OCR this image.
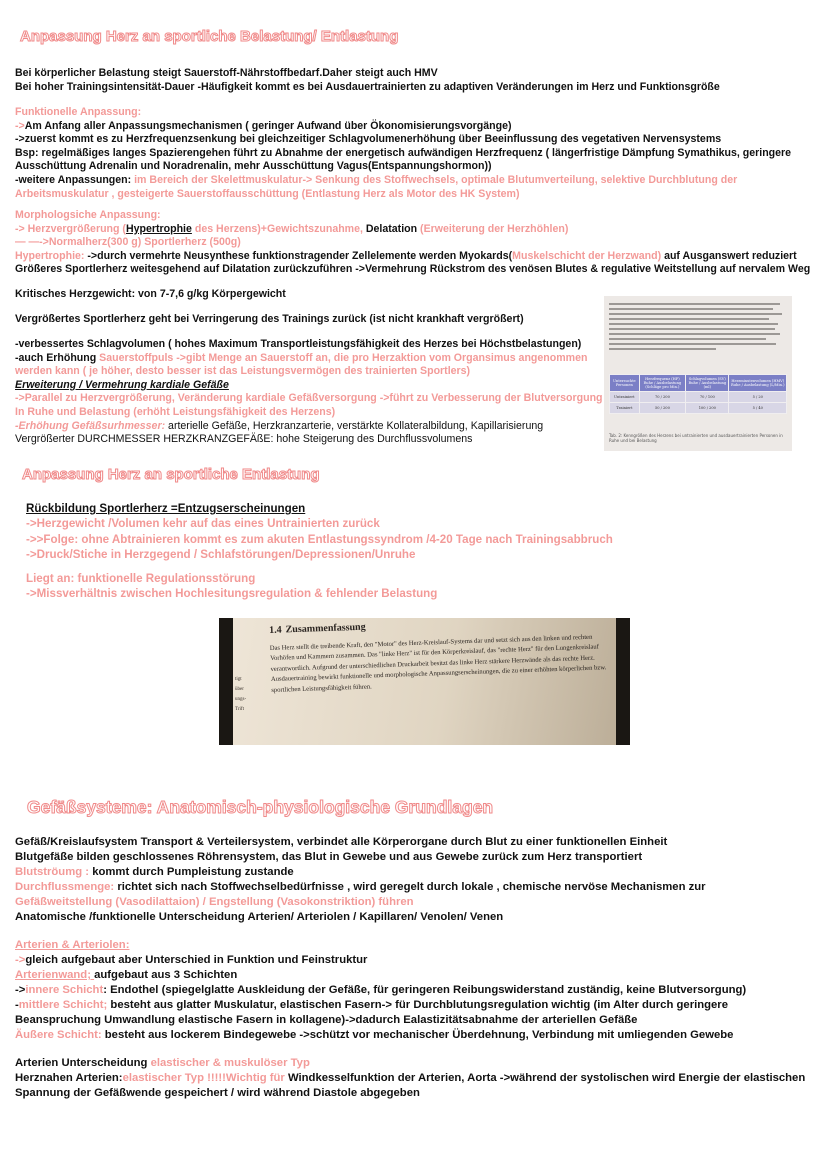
Anpassung Herz an sportliche Belastung/ Entlastung
Bei körperlicher Belastung steigt Sauerstoff-Nährstoffbedarf.Daher steigt auch HMV
Bei hoher Trainingsintensität-Dauer -Häufigkeit kommt es bei Ausdauertrainierten zu adaptiven Veränderungen im Herz und Funktionsgröße
Funktionelle Anpassung:
->Am Anfang aller Anpassungsmechanismen ( geringer Aufwand über Ökonomisierungsvorgänge)
->zuerst kommt es zu Herzfrequenzsenkung bei gleichzeitiger Schlagvolumenerhöhung über Beeinflussung des vegetativen Nervensystems
Bsp: regelmäßiges langes Spazierengehen führt zu Abnahme der energetisch aufwändigen Herzfrequenz ( längerfristige Dämpfung Symathikus, geringere Ausschüttung Adrenalin und Noradrenalin, mehr Ausschüttung Vagus(Entspannungshormon))
-weitere Anpassungen: im Bereich der Skelettmuskulatur-> Senkung des Stoffwechsels, optimale Blutumverteilung, selektive Durchblutung der Arbeitsmuskulatur , gesteigerte Sauerstoffausschüttung (Entlastung Herz als Motor des HK System)
Morphologsiche Anpassung:
-> Herzvergrößerung (Hypertrophie des Herzens)+Gewichtszunahme, Delatation (Erweiterung der Herzhöhlen)
— —->Normalherz(300 g) Sportlerherz (500g)
Hypertrophie: ->durch vermehrte Neusynthese funktionstragender Zellelemente werden Myokards(Muskelschicht der Herzwand) auf Ausganswert reduziert
Größeres Sportlerherz weitesgehend auf Dilatation zurückzuführen ->Vermehrung Rückstrom des venösen Blutes & regulative Weitstellung auf nervalem Weg
Kritisches Herzgewicht: von 7-7,6 g/kg Körpergewicht
Vergrößertes Sportlerherz geht bei Verringerung des Trainings zurück (ist nicht krankhaft vergrößert)
-verbessertes Schlagvolumen ( hohes Maximum Transportleistungsfähigkeit des Herzes bei Höchstbelastungen)
-auch Erhöhung Sauerstoffpuls ->gibt Menge an Sauerstoff an, die pro Herzaktion vom Organsimus angenommen werden kann ( je höher, desto besser ist das Leistungsvermögen des trainierten Sportlers)
Erweiterung / Vermehrung kardiale Gefäße
->Parallel zu Herzvergrößerung, Veränderung kardiale Gefäßversorgung ->führt zu Verbesserung der Blutversorgung In Ruhe und Belastung (erhöht Leistungsfähigkeit des Herzens)
-Erhöhung Gefäßsurhmesser: arterielle Gefäße, Herzkranzarterie, verstärkte Kollateralbildung, Kapillarisierung
Vergrößerter DURCHMESSER HERZKRANZGEFÄßE: hohe Steigerung des Durchflussvolumens
Untersuchte Personen	Herzfrequenz (HF) Ruhe / Ausbelastung (Schläge pro Min.)	Schlagvolumen (SV) Ruhe / Ausbelastung (ml)	Herzminutenvolumen (HMV) Ruhe / Ausbelastung (L/Min.)
Untrainiert	70 / 200	70 / 100	5 / 20
Trainiert	50 / 200	100 / 200	5 / 40
Tab. 2: Kenngrößen des Herzens bei untrainierten und ausdauertrainierten Personen in Ruhe und bei Belastung
Anpassung Herz an sportliche Entlastung
Rückbildung Sportlerherz =Entzugserscheinungen
->Herzgewicht /Volumen kehr auf das eines Untrainierten zurück
->>Folge: ohne Abtrainieren kommt es zum akuten Entlastungssyndrom /4-20 Tage nach Trainingsabbruch
->Druck/Stiche in Herzgegend / Schlafstörungen/Depressionen/Unruhe
Liegt an: funktionelle Regulationsstörung
->Missverhältnis zwischen Hochlesitungsregulation & fehlender Belastung
tigt
über
ungs-
Trift
1.4 Zusammenfassung
Das Herz stellt die treibende Kraft, den "Motor" des Herz-Kreislauf-Systems dar und setzt sich aus den linken und rechten Vorhöfen und Kammern zusammen. Das "linke Herz" ist für den Körperkreislauf, das "rechte Herz" für den Lungenkreislauf verantwortlich. Aufgrund der unterschiedlichen Druckarbeit besitzt das linke Herz stärkere Herzwände als das rechte Herz. Ausdauertraining bewirkt funktionelle und morphologische Anpassungserscheinungen, die zu einer erhöhten körperlichen bzw. sportlichen Leistungsfähigkeit führen.
Gefäßsysteme: Anatomisch-physiologische Grundlagen
Gefäß/Kreislaufsystem Transport & Verteilersystem, verbindet alle Körperorgane durch Blut zu einer funktionellen Einheit
Blutgefäße bilden geschlossenes Röhrensystem, das Blut in Gewebe und aus Gewebe zurück zum Herz transportiert
Blutströumg : kommt durch Pumpleistung zustande
Durchflussmenge: richtet sich nach Stoffwechselbedürfnisse , wird geregelt durch lokale , chemische nervöse Mechanismen zur
Gefäßweitstellung (Vasodilattaion) / Engstellung (Vasokonstriktion) führen
Anatomische /funktionelle Unterscheidung Arterien/ Arteriolen / Kapillaren/ Venolen/ Venen
Arterien & Arteriolen:
->gleich aufgebaut aber Unterschied in Funktion und Feinstruktur
Arterienwand; aufgebaut aus 3 Schichten
->innere Schicht: Endothel (spiegelglatte Auskleidung der Gefäße, für geringeren Reibungswiderstand zuständig, keine Blutversorgung)
-mittlere Schicht; besteht aus glatter Muskulatur, elastischen Fasern-> für Durchblutungsregulation wichtig (im Alter durch geringere Beanspruchung Umwandlung elastische Fasern in kollagene)->dadurch Ealastizitätsabnahme der arteriellen Gefäße
Äußere Schicht: besteht aus lockerem Bindegewebe ->schützt vor mechanischer Überdehnung, Verbindung mit umliegenden Gewebe
Arterien Unterscheidung elastischer & muskulöser Typ
Herznahen Arterien:elastischer Typ !!!!!Wichtig für Windkesselfunktion der Arterien, Aorta ->während der systolischen wird Energie der elastischen Spannung der Gefäßwende gespeichert / wird während Diastole abgegeben
